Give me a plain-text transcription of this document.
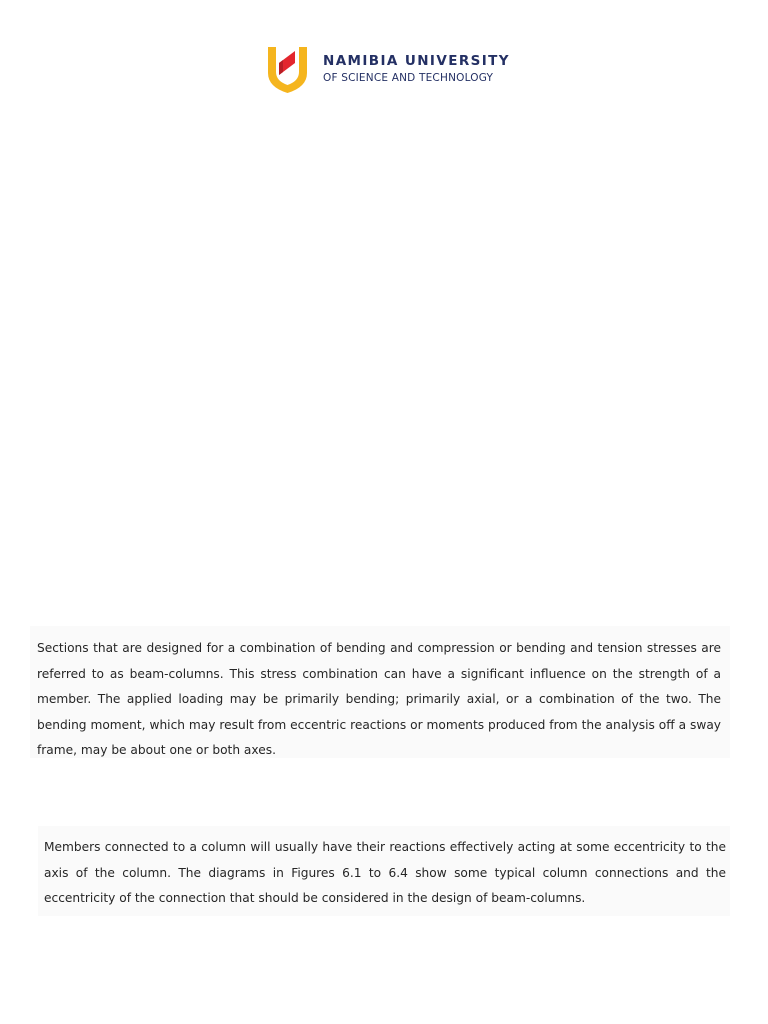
NAMIBIA UNIVERSITY
OF SCIENCE AND TECHNOLOGY
Sections that are designed for a combination of bending and compression or bending and tension stresses are
referred to as beam-columns. This stress combination can have a significant influence on the strength of a
member. The applied loading may be primarily bending; primarily axial, or a combination of the two. The
bending moment, which may result from eccentric reactions or moments produced from the analysis off a sway
frame, may be about one or both axes.
Members connected to a column will usually have their reactions effectively acting at some eccentricity to the
axis of the column. The diagrams in Figures 6.1 to 6.4 show some typical column connections and the
eccentricity of the connection that should be considered in the design of beam-columns.
